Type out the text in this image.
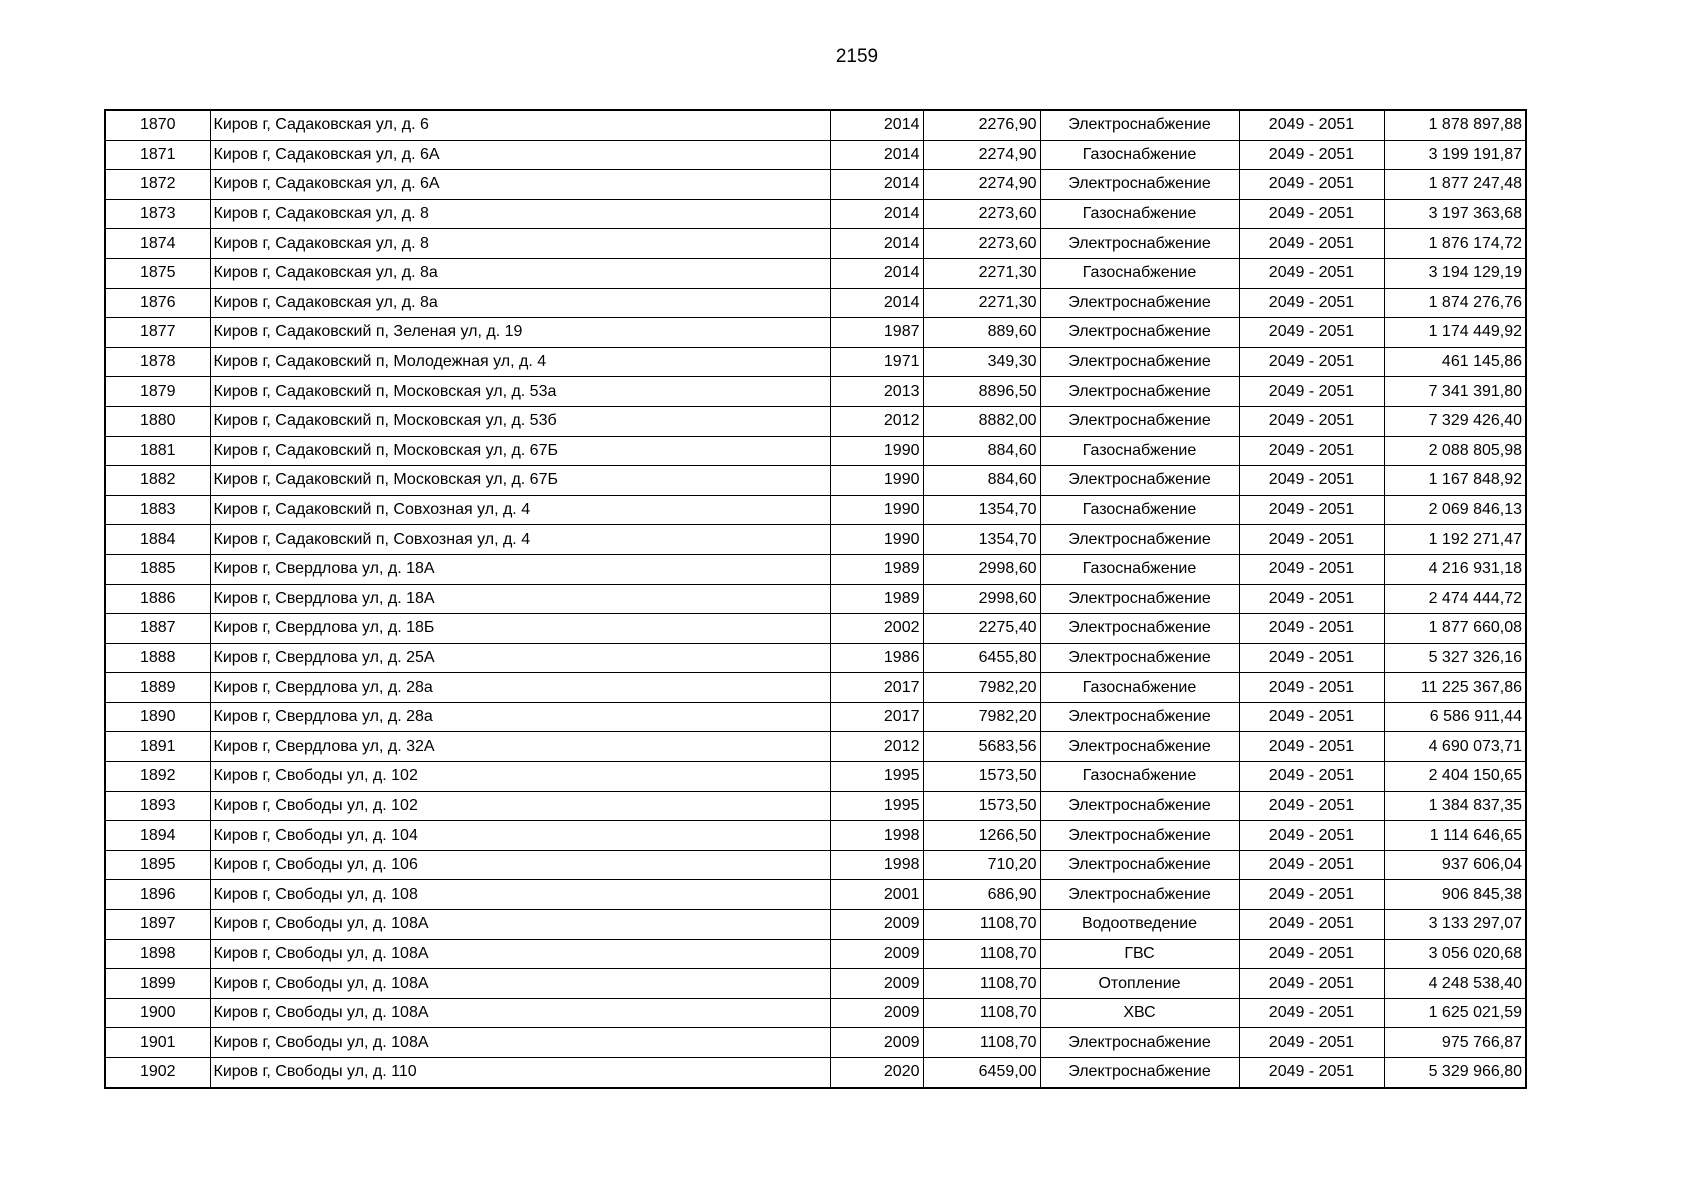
2159
1870	Киров г, Садаковская ул, д. 6	2014	2276,90	Электроснабжение	2049 - 2051	1 878 897,88
1871	Киров г, Садаковская ул, д. 6А	2014	2274,90	Газоснабжение	2049 - 2051	3 199 191,87
1872	Киров г, Садаковская ул, д. 6А	2014	2274,90	Электроснабжение	2049 - 2051	1 877 247,48
1873	Киров г, Садаковская ул, д. 8	2014	2273,60	Газоснабжение	2049 - 2051	3 197 363,68
1874	Киров г, Садаковская ул, д. 8	2014	2273,60	Электроснабжение	2049 - 2051	1 876 174,72
1875	Киров г, Садаковская ул, д. 8а	2014	2271,30	Газоснабжение	2049 - 2051	3 194 129,19
1876	Киров г, Садаковская ул, д. 8а	2014	2271,30	Электроснабжение	2049 - 2051	1 874 276,76
1877	Киров г, Садаковский п, Зеленая ул, д. 19	1987	889,60	Электроснабжение	2049 - 2051	1 174 449,92
1878	Киров г, Садаковский п, Молодежная ул, д. 4	1971	349,30	Электроснабжение	2049 - 2051	461 145,86
1879	Киров г, Садаковский п, Московская ул, д. 53а	2013	8896,50	Электроснабжение	2049 - 2051	7 341 391,80
1880	Киров г, Садаковский п, Московская ул, д. 53б	2012	8882,00	Электроснабжение	2049 - 2051	7 329 426,40
1881	Киров г, Садаковский п, Московская ул, д. 67Б	1990	884,60	Газоснабжение	2049 - 2051	2 088 805,98
1882	Киров г, Садаковский п, Московская ул, д. 67Б	1990	884,60	Электроснабжение	2049 - 2051	1 167 848,92
1883	Киров г, Садаковский п, Совхозная ул, д. 4	1990	1354,70	Газоснабжение	2049 - 2051	2 069 846,13
1884	Киров г, Садаковский п, Совхозная ул, д. 4	1990	1354,70	Электроснабжение	2049 - 2051	1 192 271,47
1885	Киров г, Свердлова ул, д. 18А	1989	2998,60	Газоснабжение	2049 - 2051	4 216 931,18
1886	Киров г, Свердлова ул, д. 18А	1989	2998,60	Электроснабжение	2049 - 2051	2 474 444,72
1887	Киров г, Свердлова ул, д. 18Б	2002	2275,40	Электроснабжение	2049 - 2051	1 877 660,08
1888	Киров г, Свердлова ул, д. 25А	1986	6455,80	Электроснабжение	2049 - 2051	5 327 326,16
1889	Киров г, Свердлова ул, д. 28а	2017	7982,20	Газоснабжение	2049 - 2051	11 225 367,86
1890	Киров г, Свердлова ул, д. 28а	2017	7982,20	Электроснабжение	2049 - 2051	6 586 911,44
1891	Киров г, Свердлова ул, д. 32А	2012	5683,56	Электроснабжение	2049 - 2051	4 690 073,71
1892	Киров г, Свободы ул, д. 102	1995	1573,50	Газоснабжение	2049 - 2051	2 404 150,65
1893	Киров г, Свободы ул, д. 102	1995	1573,50	Электроснабжение	2049 - 2051	1 384 837,35
1894	Киров г, Свободы ул, д. 104	1998	1266,50	Электроснабжение	2049 - 2051	1 114 646,65
1895	Киров г, Свободы ул, д. 106	1998	710,20	Электроснабжение	2049 - 2051	937 606,04
1896	Киров г, Свободы ул, д. 108	2001	686,90	Электроснабжение	2049 - 2051	906 845,38
1897	Киров г, Свободы ул, д. 108А	2009	1108,70	Водоотведение	2049 - 2051	3 133 297,07
1898	Киров г, Свободы ул, д. 108А	2009	1108,70	ГВС	2049 - 2051	3 056 020,68
1899	Киров г, Свободы ул, д. 108А	2009	1108,70	Отопление	2049 - 2051	4 248 538,40
1900	Киров г, Свободы ул, д. 108А	2009	1108,70	ХВС	2049 - 2051	1 625 021,59
1901	Киров г, Свободы ул, д. 108А	2009	1108,70	Электроснабжение	2049 - 2051	975 766,87
1902	Киров г, Свободы ул, д. 110	2020	6459,00	Электроснабжение	2049 - 2051	5 329 966,80
